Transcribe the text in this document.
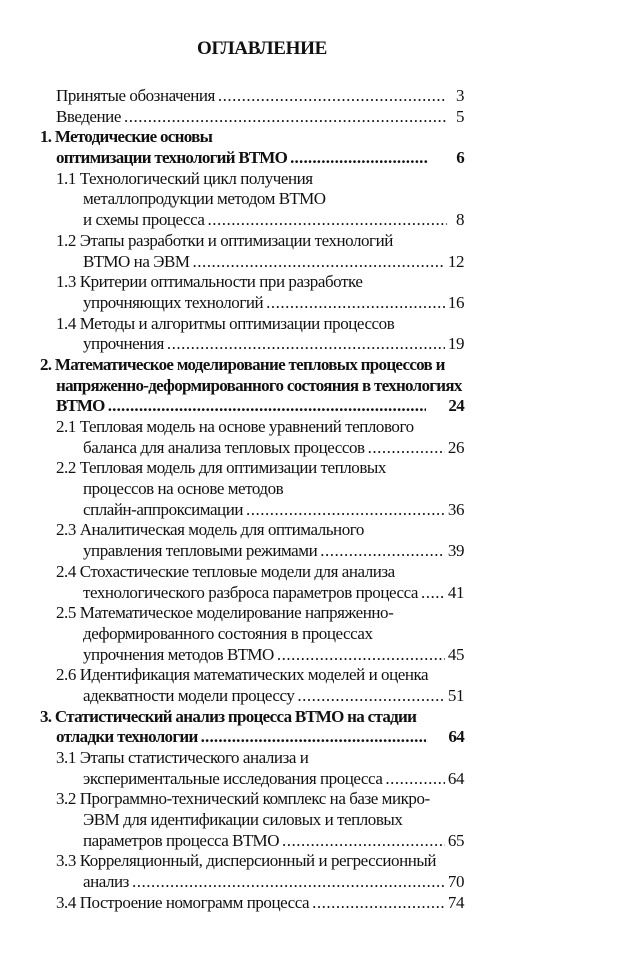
ОГЛАВЛЕНИЕ
Принятые обозначения .....	3
Введение .....	5
1. Методические основы
оптимизации технологий ВТМО .....	6
1.1 Технологический цикл получения
металлопродукции методом ВТМО
и схемы процесса .....	8
1.2 Этапы разработки и оптимизации технологий
ВТМО на ЭВМ .....	12
1.3 Критерии оптимальности при разработке
упрочняющих технологий .....	16
1.4 Методы и алгоритмы оптимизации процессов
упрочнения .....	19
2. Математическое моделирование тепловых процессов и
напряженно-деформированного состояния в технологиях
ВТМО .....	24
2.1 Тепловая модель на основе уравнений теплового
баланса для анализа тепловых процессов .....	26
2.2 Тепловая модель для оптимизации тепловых
процессов на основе методов
сплайн-аппроксимации .....	36
2.3 Аналитическая модель для оптимального
управления тепловыми режимами .....	39
2.4 Стохастические тепловые модели для анализа
технологического разброса параметров процесса ..... 41
2.5 Математическое моделирование напряженно-
деформированного состояния в процессах
упрочнения методов ВТМО .....	45
2.6 Идентификация математических моделей и оценка
адекватности модели процессу .....	51
3. Статистический анализ процесса ВТМО на стадии
отладки технологии .....	64
3.1 Этапы статистического анализа и
экспериментальные исследования процесса .....	64
3.2 Программно-технический комплекс на базе микро-
ЭВМ для идентификации силовых и тепловых
параметров процесса ВТМО .....	65
3.3 Корреляционный, дисперсионный и регрессионный
анализ .....	70
3.4 Построение номограмм процесса .....	74
